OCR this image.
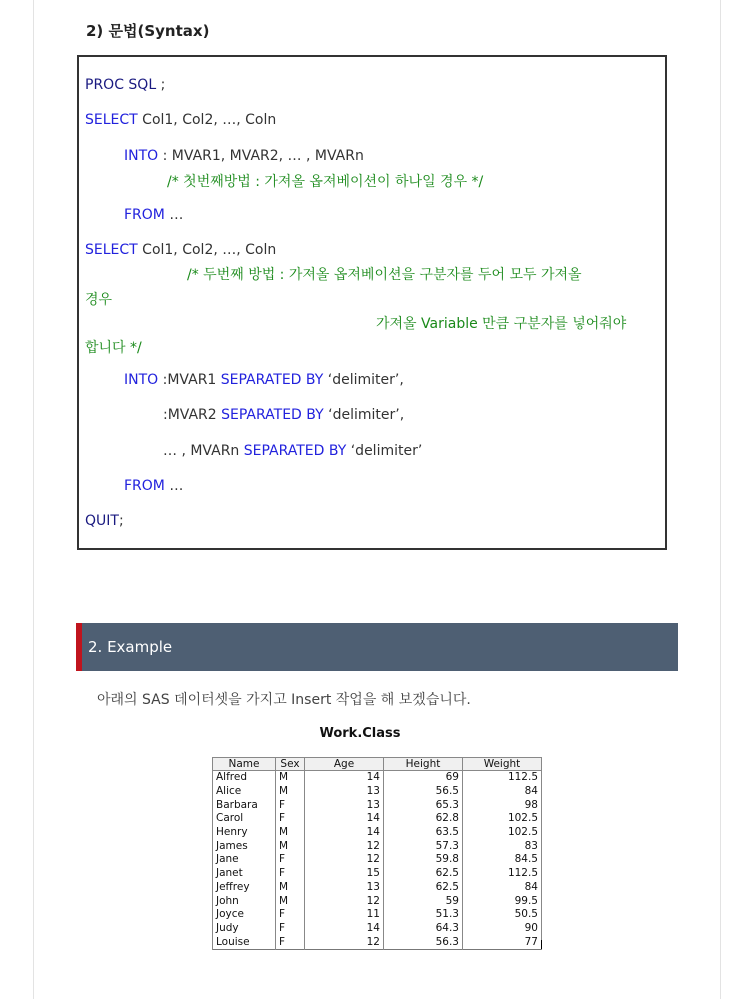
2) 문법(Syntax)
PROC SQL ;
SELECT Col1, Col2, …, Coln
INTO : MVAR1, MVAR2, … , MVARn
/* 첫번째방법 : 가져올 옵져베이션이 하나일 경우 */
FROM …
SELECT Col1, Col2, …, Coln
/* 두번째 방법 : 가져올 옵져베이션을 구분자를 두어 모두 가져올
경우
가져올 Variable 만큼 구분자를 넣어줘야
합니다 */
INTO :MVAR1 SEPARATED BY ‘delimiter’,
:MVAR2 SEPARATED BY ‘delimiter’,
… , MVARn SEPARATED BY ‘delimiter’
FROM …
QUIT;
2. Example
아래의 SAS 데이터셋을 가지고 Insert 작업을 해 보겠습니다.
Work.Class
Name	Sex	Age	Height	Weight
Alfred	M	14	69	112.5
Alice	M	13	56.5	84
Barbara	F	13	65.3	98
Carol	F	14	62.8	102.5
Henry	M	14	63.5	102.5
James	M	12	57.3	83
Jane	F	12	59.8	84.5
Janet	F	15	62.5	112.5
Jeffrey	M	13	62.5	84
John	M	12	59	99.5
Joyce	F	11	51.3	50.5
Judy	F	14	64.3	90
Louise	F	12	56.3	77
